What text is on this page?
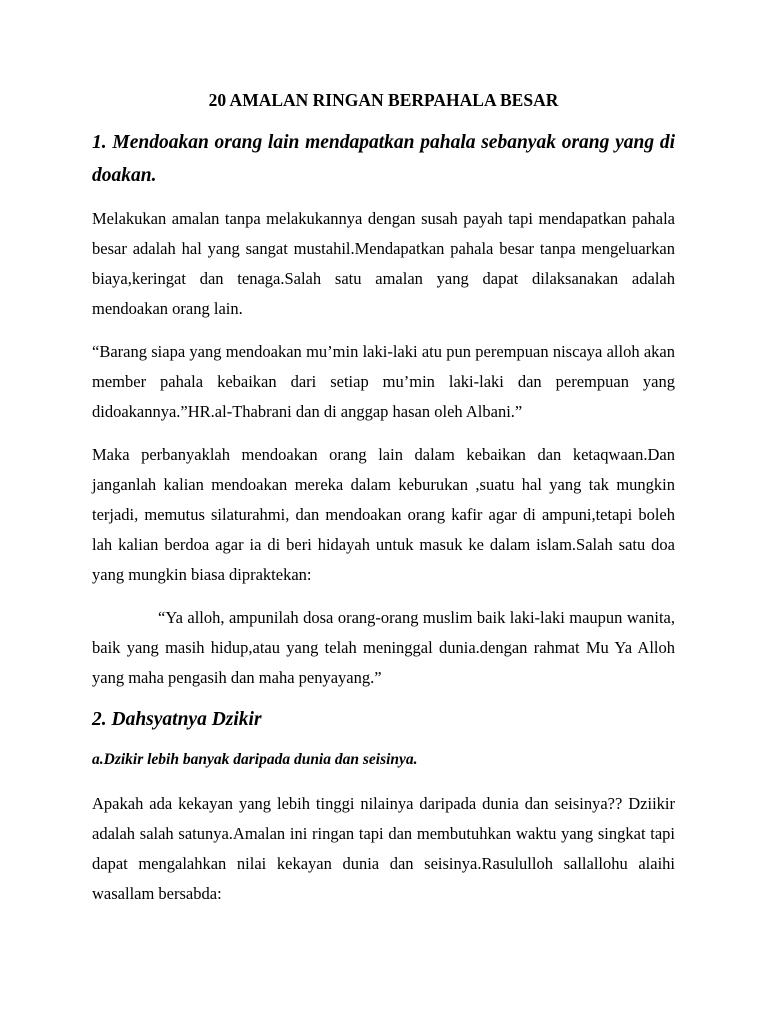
20 AMALAN RINGAN BERPAHALA BESAR
1. Mendoakan orang lain mendapatkan pahala sebanyak orang yang di doakan.

Melakukan amalan tanpa melakukannya dengan susah payah tapi mendapatkan pahala besar adalah hal yang sangat mustahil.Mendapatkan pahala besar tanpa mengeluarkan biaya,keringat dan tenaga.Salah satu amalan yang dapat dilaksanakan adalah mendoakan orang lain.

“Barang siapa yang mendoakan mu’min laki-laki atu pun perempuan niscaya alloh akan member pahala kebaikan dari setiap mu’min laki-laki dan perempuan yang didoakannya.”HR.al-Thabrani dan di anggap hasan oleh Albani.”

Maka perbanyaklah mendoakan orang lain dalam kebaikan dan ketaqwaan.Dan janganlah kalian mendoakan mereka dalam keburukan ,suatu hal yang tak mungkin terjadi, memutus silaturahmi, dan mendoakan orang kafir agar di ampuni,tetapi boleh lah kalian berdoa agar ia di beri hidayah untuk masuk ke dalam islam.Salah satu doa yang mungkin biasa dipraktekan:

“Ya alloh, ampunilah dosa orang-orang muslim baik laki-laki maupun wanita, baik yang masih hidup,atau yang telah meninggal dunia.dengan rahmat Mu Ya Alloh yang maha pengasih dan maha penyayang.”

2. Dahsyatnya Dzikir
a.Dzikir lebih banyak daripada dunia dan seisinya.

Apakah ada kekayan yang lebih tinggi nilainya daripada dunia dan seisinya?? Dziikir adalah salah satunya.Amalan ini ringan tapi dan membutuhkan waktu yang singkat tapi dapat mengalahkan nilai kekayan dunia dan seisinya.Rasululloh sallallohu alaihi wasallam bersabda:
